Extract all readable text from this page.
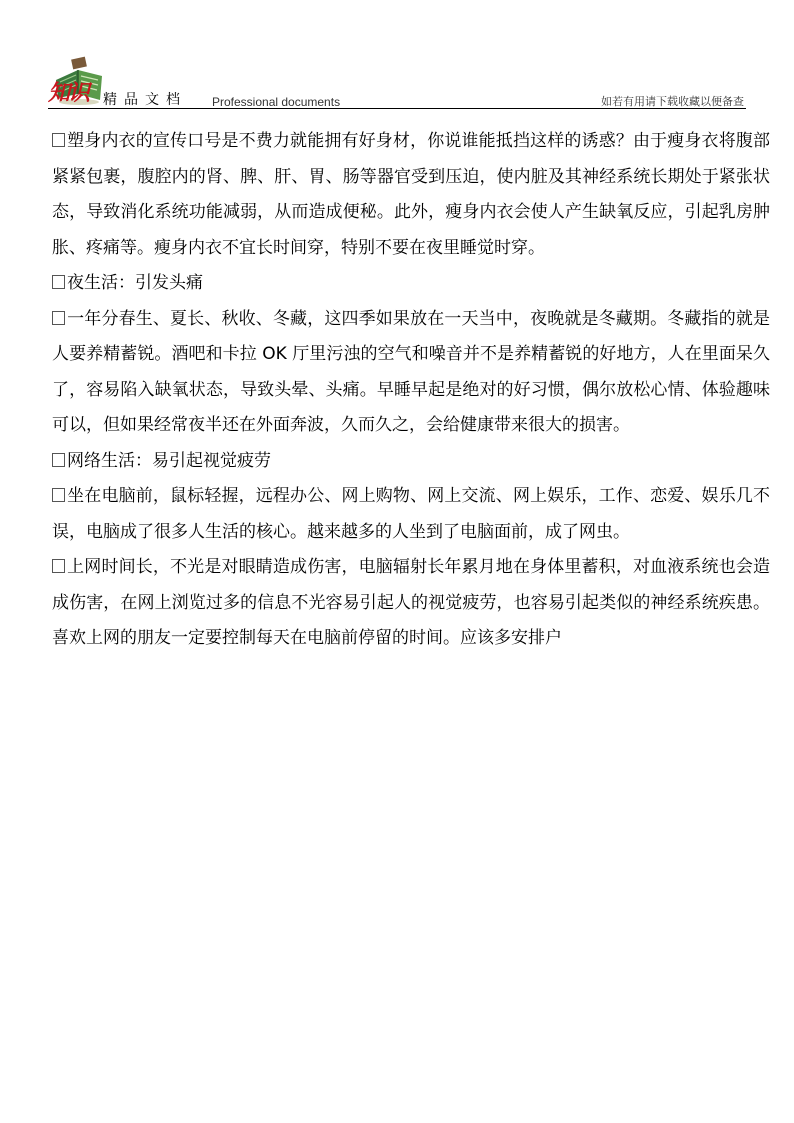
知识 精品文档 Professional documents	如若有用请下载收藏以便备查

塑身内衣的宣传口号是不费力就能拥有好身材，你说谁能抵挡这样的诱惑？由于瘦身衣将腹部紧紧包裹，腹腔内的肾、脾、肝、胃、肠等器官受到压迫，使内脏及其神经系统长期处于紧张状态，导致消化系统功能减弱，从而造成便秘。此外，瘦身内衣会使人产生缺氧反应，引起乳房肿胀、疼痛等。瘦身内衣不宜长时间穿，特别不要在夜里睡觉时穿。

夜生活：引发头痛

一年分春生、夏长、秋收、冬藏，这四季如果放在一天当中，夜晚就是冬藏期。冬藏指的就是人要养精蓄锐。酒吧和卡拉 OK 厅里污浊的空气和噪音并不是养精蓄锐的好地方，人在里面呆久了，容易陷入缺氧状态，导致头晕、头痛。早睡早起是绝对的好习惯，偶尔放松心情、体验趣味可以，但如果经常夜半还在外面奔波，久而久之，会给健康带来很大的损害。

网络生活：易引起视觉疲劳

坐在电脑前，鼠标轻握，远程办公、网上购物、网上交流、网上娱乐，工作、恋爱、娱乐几不误，电脑成了很多人生活的核心。越来越多的人坐到了电脑面前，成了网虫。

上网时间长，不光是对眼睛造成伤害，电脑辐射长年累月地在身体里蓄积，对血液系统也会造成伤害，在网上浏览过多的信息不光容易引起人的视觉疲劳，也容易引起类似的神经系统疾患。喜欢上网的朋友一定要控制每天在电脑前停留的时间。应该多安排户
